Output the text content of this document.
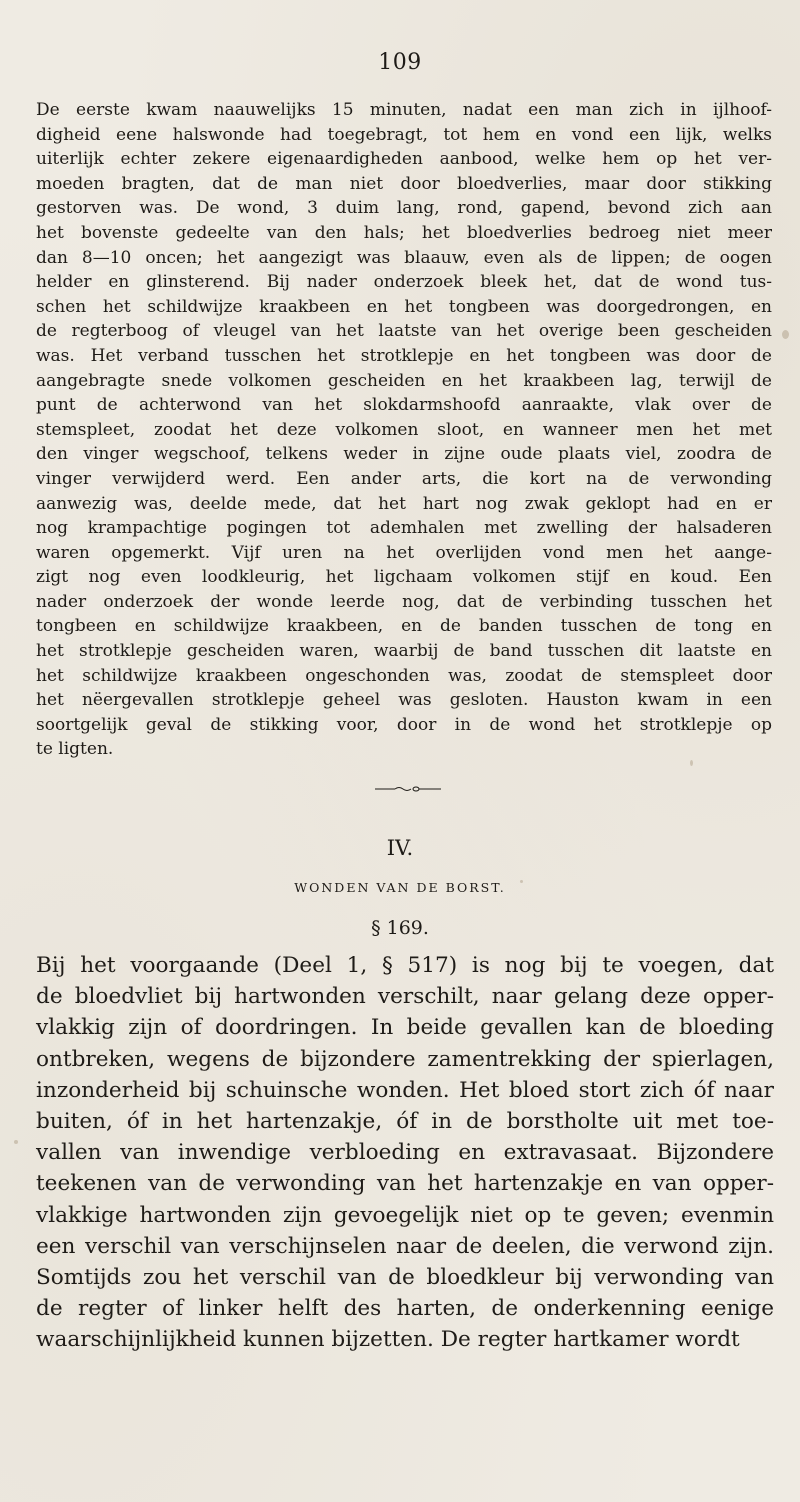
109
De eerste kwam naauwelijks 15 minuten, nadat een man zich in ijlhoof-
digheid eene halswonde had toegebragt, tot hem en vond een lijk, welks
uiterlijk echter zekere eigenaardigheden aanbood, welke hem op het ver-
moeden bragten, dat de man niet door bloedverlies, maar door stikking
gestorven was. De wond, 3 duim lang, rond, gapend, bevond zich aan
het bovenste gedeelte van den hals; het bloedverlies bedroeg niet meer
dan 8—10 oncen; het aangezigt was blaauw, even als de lippen; de oogen
helder en glinsterend. Bij nader onderzoek bleek het, dat de wond tus-
schen het schildwijze kraakbeen en het tongbeen was doorgedrongen, en
de regterboog of vleugel van het laatste van het overige been gescheiden
was. Het verband tusschen het strotklepje en het tongbeen was door de
aangebragte snede volkomen gescheiden en het kraakbeen lag, terwijl de
punt de achterwond van het slokdarmshoofd aanraakte, vlak over de
stemspleet, zoodat het deze volkomen sloot, en wanneer men het met
den vinger wegschoof, telkens weder in zijne oude plaats viel, zoodra de
vinger verwijderd werd. Een ander arts, die kort na de verwonding
aanwezig was, deelde mede, dat het hart nog zwak geklopt had en er
nog krampachtige pogingen tot ademhalen met zwelling der halsaderen
waren opgemerkt. Vijf uren na het overlijden vond men het aange-
zigt nog even loodkleurig, het ligchaam volkomen stijf en koud. Een
nader onderzoek der wonde leerde nog, dat de verbinding tusschen het
tongbeen en schildwijze kraakbeen, en de banden tusschen de tong en
het strotklepje gescheiden waren, waarbij de band tusschen dit laatste en
het schildwijze kraakbeen ongeschonden was, zoodat de stemspleet door
het nëergevallen strotklepje geheel was gesloten. Hauston kwam in een
soortgelijk geval de stikking voor, door in de wond het strotklepje op
te ligten.
IV.
WONDEN VAN DE BORST.
§ 169.
Bij het voorgaande (Deel 1, § 517) is nog bij te voegen, dat
de bloedvliet bij hartwonden verschilt, naar gelang deze opper-
vlakkig zijn of doordringen. In beide gevallen kan de bloeding
ontbreken, wegens de bijzondere zamentrekking der spierlagen,
inzonderheid bij schuinsche wonden. Het bloed stort zich óf naar
buiten, óf in het hartenzakje, óf in de borstholte uit met toe-
vallen van inwendige verbloeding en extravasaat. Bijzondere
teekenen van de verwonding van het hartenzakje en van opper-
vlakkige hartwonden zijn gevoegelijk niet op te geven; evenmin
een verschil van verschijnselen naar de deelen, die verwond zijn.
Somtijds zou het verschil van de bloedkleur bij verwonding van
de regter of linker helft des harten, de onderkenning eenige
waarschijnlijkheid kunnen bijzetten. De regter hartkamer wordt
